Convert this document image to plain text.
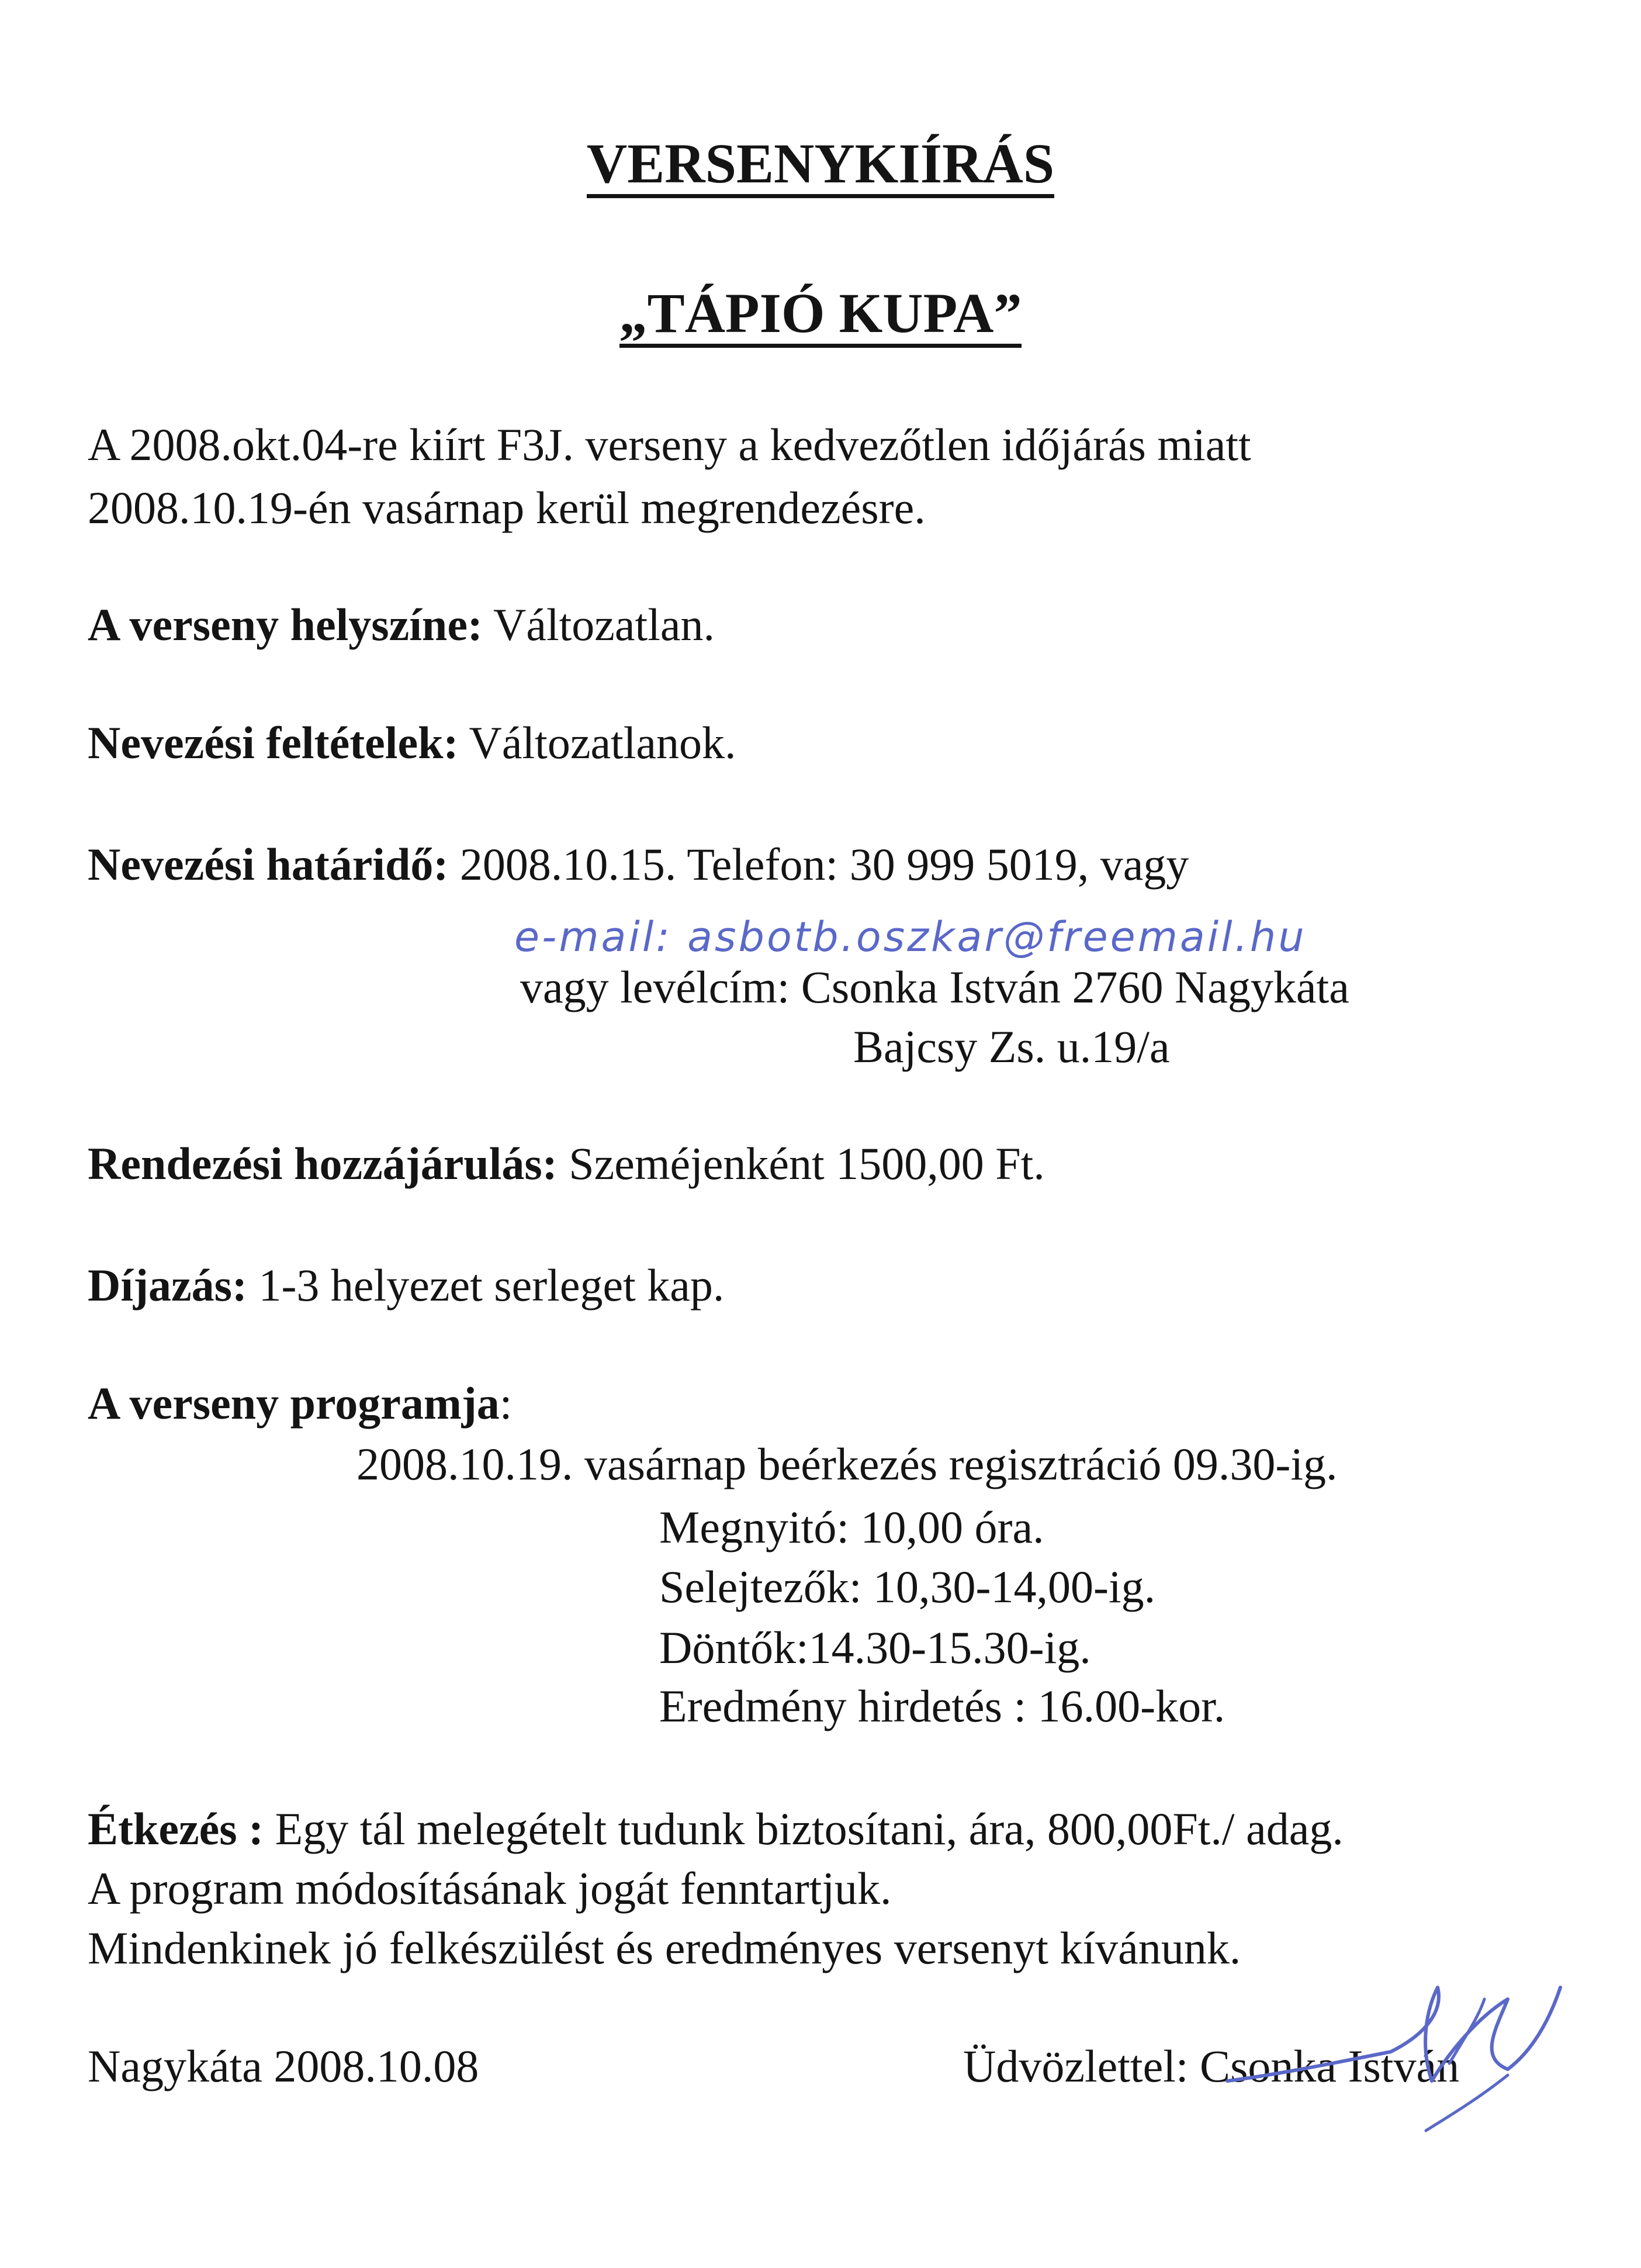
VERSENYKIÍRÁS
„TÁPIÓ KUPA”
A 2008.okt.04-re kiírt F3J. verseny a kedvezőtlen időjárás miatt
2008.10.19-én vasárnap kerül megrendezésre.
A verseny helyszíne: Változatlan.
Nevezési feltételek: Változatlanok.
Nevezési határidő: 2008.10.15. Telefon: 30 999 5019, vagy
e-mail: asbotb.oszkar@freemail.hu
vagy levélcím: Csonka István 2760 Nagykáta
Bajcsy Zs. u.19/a
Rendezési hozzájárulás: Szeméjenként 1500,00 Ft.
Díjazás: 1-3 helyezet serleget kap.
A verseny programja:
2008.10.19. vasárnap beérkezés regisztráció 09.30-ig.
Megnyitó: 10,00 óra.
Selejtezők: 10,30-14,00-ig.
Döntők:14.30-15.30-ig.
Eredmény hirdetés : 16.00-kor.
Étkezés : Egy tál melegételt tudunk biztosítani, ára, 800,00Ft./ adag.
A program módosításának jogát fenntartjuk.
Mindenkinek jó felkészülést és eredményes versenyt kívánunk.
Nagykáta 2008.10.08	Üdvözlettel: Csonka István
